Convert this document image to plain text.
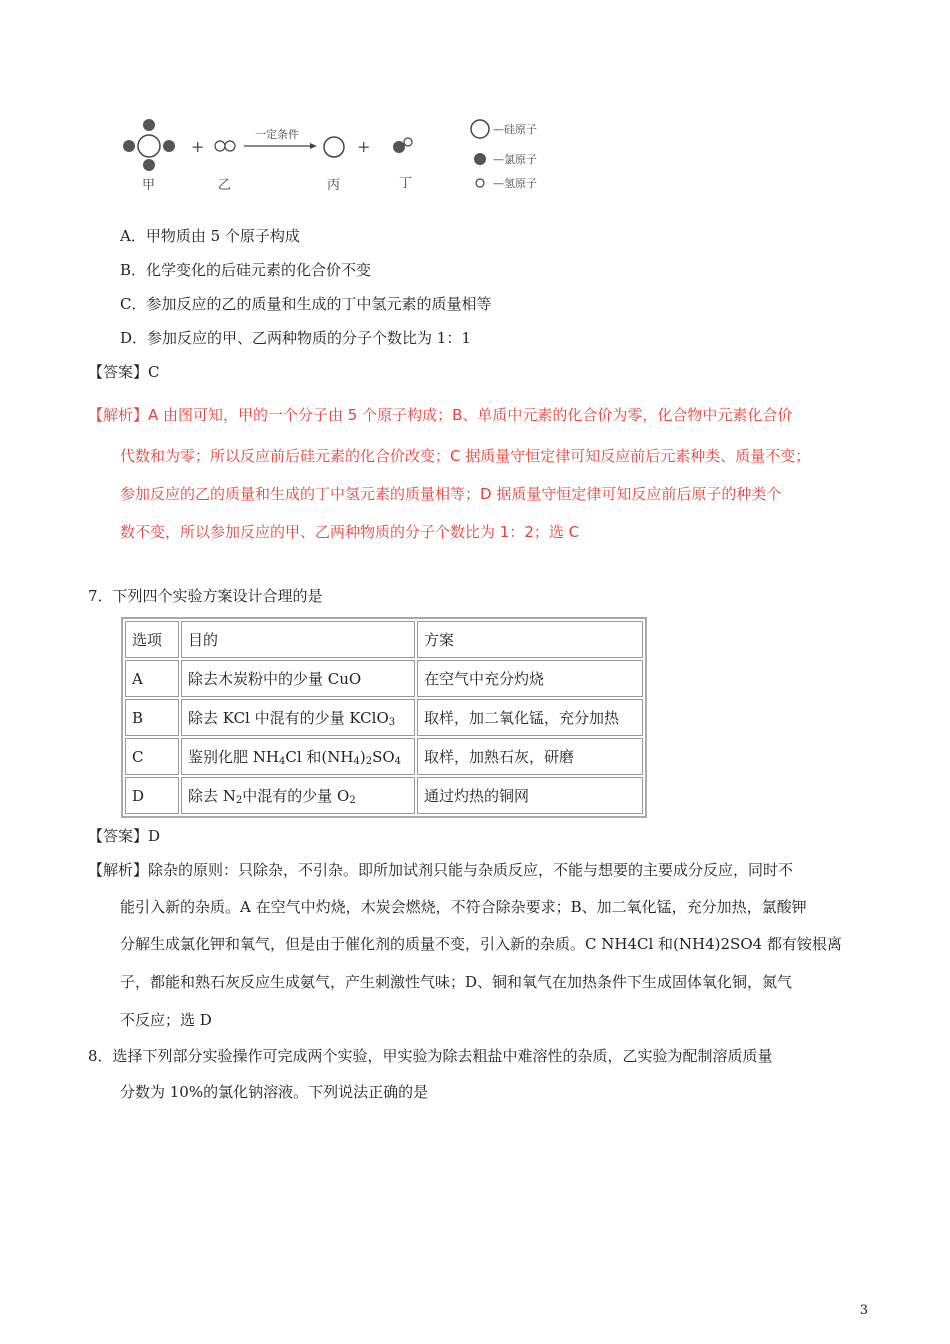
+	+
一定条件
甲	乙	丙	丁
—硅原子
—氯原子
—氢原子
A．甲物质由 5 个原子构成
B．化学变化的后硅元素的化合价不变
C．参加反应的乙的质量和生成的丁中氢元素的质量相等
D．参加反应的甲、乙两种物质的分子个数比为 1：1
【答案】C
【解析】A 由图可知，甲的一个分子由 5 个原子构成；B、单质中元素的化合价为零，化合物中元素化合价
代数和为零；所以反应前后硅元素的化合价改变；C 据质量守恒定律可知反应前后元素种类、质量不变；
参加反应的乙的质量和生成的丁中氢元素的质量相等；D 据质量守恒定律可知反应前后原子的种类个
数不变，所以参加反应的甲、乙两种物质的分子个数比为 1：2；选 C
7．下列四个实验方案设计合理的是
选项	目的	方案
A	除去木炭粉中的少量 CuO	在空气中充分灼烧
B	除去 KCl 中混有的少量 KClO$_3$	取样，加二氧化锰，充分加热
C	鉴别化肥 $NH_4Cl$ 和$(NH_4)_2SO_4$	取样，加熟石灰，研磨
D	除去 $N_2$中混有的少量 $O_2$	通过灼热的铜网
【答案】D
【解析】除杂的原则：只除杂，不引杂。即所加试剂只能与杂质反应，不能与想要的主要成分反应，同时不
能引入新的杂质。A 在空气中灼烧，木炭会燃烧，不符合除杂要求；B、加二氧化锰，充分加热，氯酸钾
分解生成氯化钾和氧气，但是由于催化剂的质量不变，引入新的杂质。C NH4Cl 和(NH4)2SO4 都有铵根离
子，都能和熟石灰反应生成氨气，产生刺激性气味；D、铜和氧气在加热条件下生成固体氧化铜，氮气
不反应；选 D
8．选择下列部分实验操作可完成两个实验，甲实验为除去粗盐中难溶性的杂质，乙实验为配制溶质质量
分数为 10%的氯化钠溶液。下列说法正确的是
3
